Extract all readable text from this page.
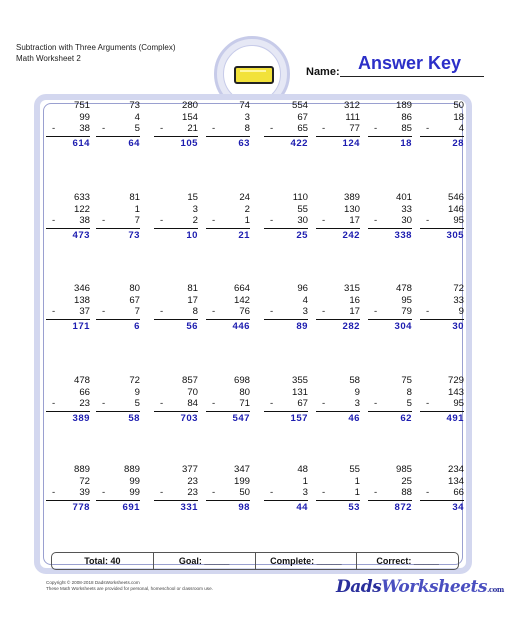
Subtraction with Three Arguments (Complex)
Math Worksheet 2
Name: Answer Key
751
99
-	38
614
73
4
-	5
64
280
154
-	21
105
74
3
-	8
63
554
67
-	65
422
312
111
-	77
124
189
86
-	85
18
50
18
-	4
28
633
122
-	38
473
81
1
-	7
73
15
3
-	2
10
24
2
-	1
21
110
55
-	30
25
389
130
-	17
242
401
33
-	30
338
546
146
-	95
305
346
138
-	37
171
80
67
-	7
6
81
17
-	8
56
664
142
-	76
446
96
4
-	3
89
315
16
-	17
282
478
95
-	79
304
72
33
-	9
30
478
66
-	23
389
72
9
-	5
58
857
70
-	84
703
698
80
-	71
547
355
131
-	67
157
58
9
-	3
46
75
8
-	5
62
729
143
-	95
491
889
72
-	39
778
889
99
-	99
691
377
23
-	23
331
347
199
-	50
98
48
1
-	3
44
55
1
-	1
53
985
25
-	88
872
234
134
-	66
34
Total: 40	Goal: _____	Complete: _____	Correct: _____
Copyright © 2008-2018 DadsWorksheets.com
These Math Worksheets are provided for personal, homeschool or classroom use.	DadsWorksheets.com
